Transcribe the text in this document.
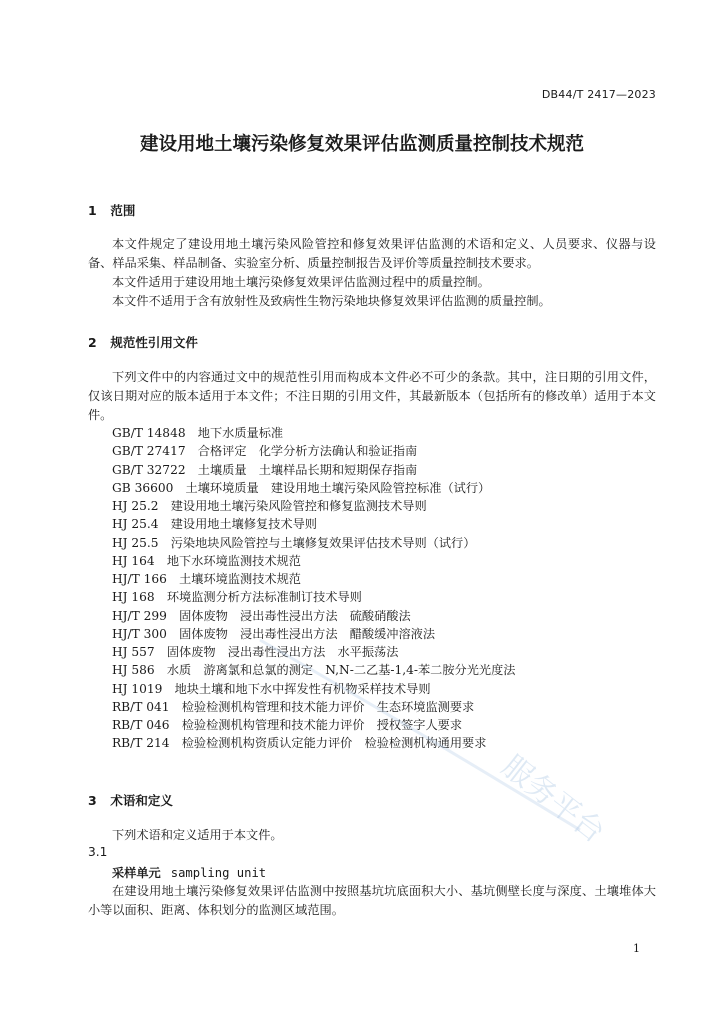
DB44/T 2417—2023
建设用地土壤污染修复效果评估监测质量控制技术规范
1 范围

本文件规定了建设用地土壤污染风险管控和修复效果评估监测的术语和定义、人员要求、仪器与设备、样品采集、样品制备、实验室分析、质量控制报告及评价等质量控制技术要求。

本文件适用于建设用地土壤污染修复效果评估监测过程中的质量控制。

本文件不适用于含有放射性及致病性生物污染地块修复效果评估监测的质量控制。

2 规范性引用文件

下列文件中的内容通过文中的规范性引用而构成本文件必不可少的条款。其中，注日期的引用文件，仅该日期对应的版本适用于本文件；不注日期的引用文件，其最新版本（包括所有的修改单）适用于本文件。

GB/T 14848　地下水质量标准
GB/T 27417　合格评定　化学分析方法确认和验证指南
GB/T 32722　土壤质量　土壤样品长期和短期保存指南
GB 36600　土壤环境质量　建设用地土壤污染风险管控标准（试行）
HJ 25.2　建设用地土壤污染风险管控和修复监测技术导则
HJ 25.4　建设用地土壤修复技术导则
HJ 25.5　污染地块风险管控与土壤修复效果评估技术导则（试行）
HJ 164　地下水环境监测技术规范
HJ/T 166　土壤环境监测技术规范
HJ 168　环境监测分析方法标准制订技术导则
HJ/T 299　固体废物　浸出毒性浸出方法　硫酸硝酸法
HJ/T 300　固体废物　浸出毒性浸出方法　醋酸缓冲溶液法
HJ 557　固体废物　浸出毒性浸出方法　水平振荡法
HJ 586　水质　游离氯和总氯的测定　N,N-二乙基-1,4-苯二胺分光光度法
HJ 1019　地块土壤和地下水中挥发性有机物采样技术导则
RB/T 041　检验检测机构管理和技术能力评价　生态环境监测要求
RB/T 046　检验检测机构管理和技术能力评价　授权签字人要求
RB/T 214　检验检测机构资质认定能力评价　检验检测机构通用要求
3 术语和定义
下列术语和定义适用于本文件。
3.1
采样单元 sampling unit

在建设用地土壤污染修复效果评估监测中按照基坑坑底面积大小、基坑侧壁长度与深度、土壤堆体大小等以面积、距离、体积划分的监测区域范围。

1
服务平台
